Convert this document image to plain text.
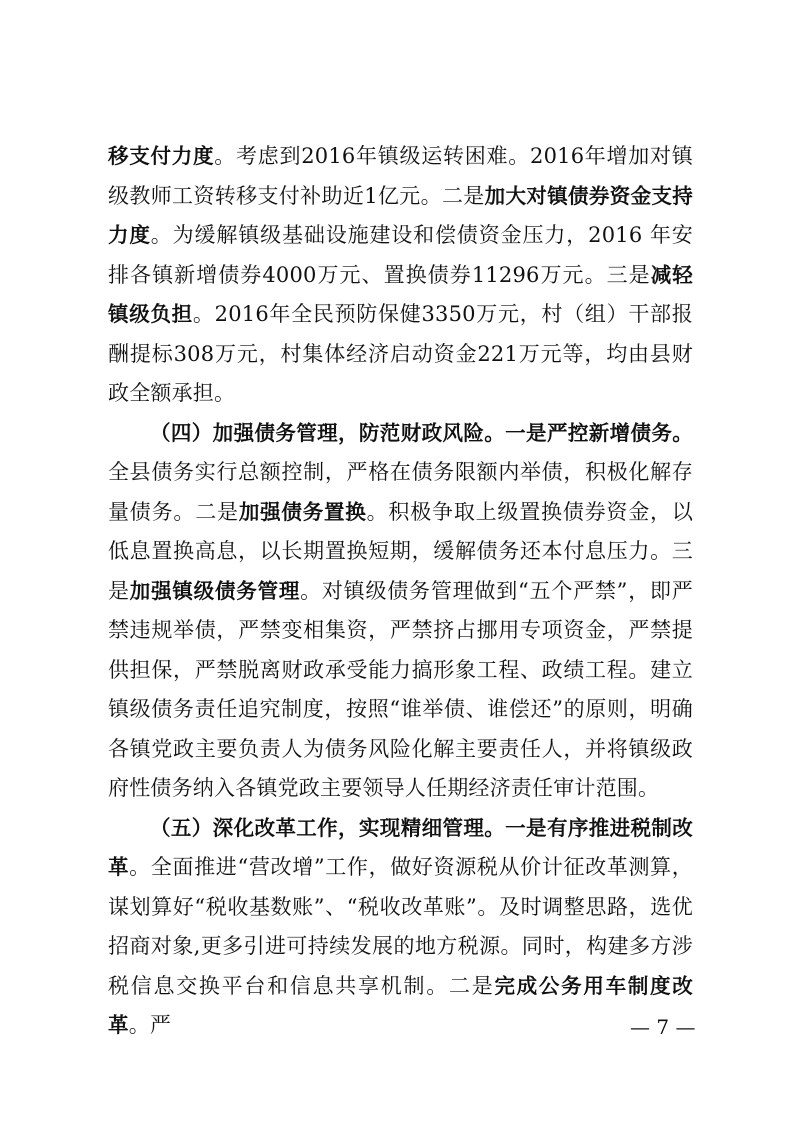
移支付力度。考虑到2016年镇级运转困难。2016年增加对镇级教师工资转移支付补助近1亿元。二是加大对镇债券资金支持力度。为缓解镇级基础设施建设和偿债资金压力，2016 年安排各镇新增债券4000万元、置换债券11296万元。三是减轻镇级负担。2016年全民预防保健3350万元，村（组）干部报酬提标308万元，村集体经济启动资金221万元等，均由县财政全额承担。

（四）加强债务管理，防范财政风险。一是严控新增债务。全县债务实行总额控制，严格在债务限额内举债，积极化解存量债务。二是加强债务置换。积极争取上级置换债券资金，以低息置换高息，以长期置换短期，缓解债务还本付息压力。三是加强镇级债务管理。对镇级债务管理做到“五个严禁”，即严禁违规举债，严禁变相集资，严禁挤占挪用专项资金，严禁提供担保，严禁脱离财政承受能力搞形象工程、政绩工程。建立镇级债务责任追究制度，按照“谁举债、谁偿还”的原则，明确各镇党政主要负责人为债务风险化解主要责任人，并将镇级政府性债务纳入各镇党政主要领导人任期经济责任审计范围。

（五）深化改革工作，实现精细管理。一是有序推进税制改革。全面推进“营改增”工作，做好资源税从价计征改革测算，谋划算好“税收基数账”、“税收改革账”。及时调整思路，选优招商对象,更多引进可持续发展的地方税源。同时，构建多方涉税信息交换平台和信息共享机制。二是完成公务用车制度改革。严	— 7 —
